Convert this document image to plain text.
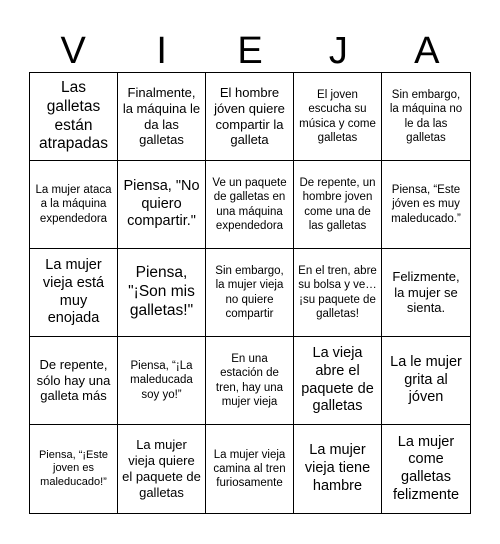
V	I	E	J	A
Las galletas están atrapadas
Finalmente, la máquina le da las galletas
El hombre jóven quiere compartir la galleta
El joven escucha su música y come galletas
Sin embargo, la máquina no le da las galletas
La mujer ataca a la máquina expendedora
Piensa, "No quiero compartir."
Ve un paquete de galletas en una máquina expendedora
De repente, un hombre joven come una de las galletas
Piensa, “Este jóven es muy maleducado.”
La mujer vieja está muy enojada
Piensa, "¡Son mis galletas!"
Sin embargo, la mujer vieja no quiere compartir
En el tren, abre su bolsa y ve… ¡su paquete de galletas!
Felizmente, la mujer se sienta.
De repente, sólo hay una galleta más
Piensa, “¡La maleducada soy yo!”
En una estación de tren, hay una mujer vieja
La vieja abre el paquete de galletas
La le mujer grita al jóven
Piensa, “¡Este joven es maleducado!”
La mujer vieja quiere el paquete de galletas
La mujer vieja camina al tren furiosamente
La mujer vieja tiene hambre
La mujer come galletas felizmente
